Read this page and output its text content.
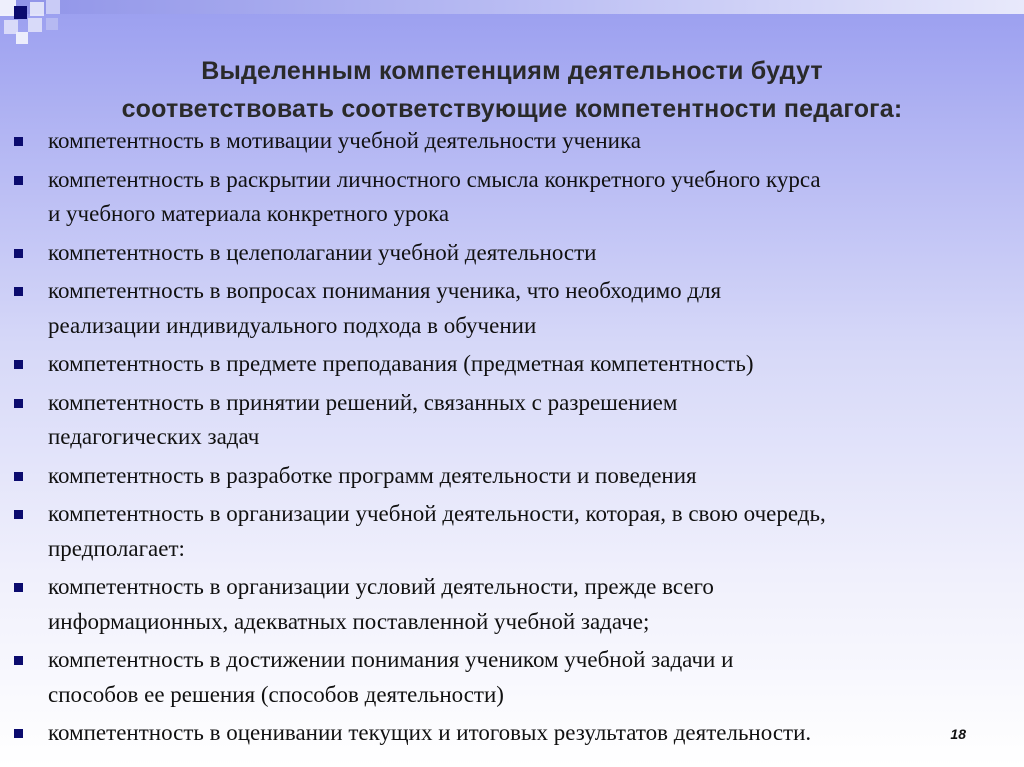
Выделенным компетенциям деятельности будут
соответствовать соответствующие компетентности педагога:
компетентность в мотивации учебной деятельности ученика
компетентность в раскрытии личностного смысла конкретного учебного курса
и учебного материала конкретного урока
компетентность в целеполагании учебной деятельности
компетентность в вопросах понимания ученика, что необходимо для
реализации индивидуального подхода в обучении
компетентность в предмете преподавания (предметная компетентность)
компетентность в принятии решений, связанных с разрешением
педагогических задач
компетентность в разработке программ деятельности и поведения
компетентность в организации учебной деятельности, которая, в свою очередь,
предполагает:
компетентность в организации условий деятельности, прежде всего
информационных, адекватных поставленной учебной задаче;
компетентность в достижении понимания учеником учебной задачи и
способов ее решения (способов деятельности)
компетентность в оценивании текущих и итоговых результатов деятельности.	18
